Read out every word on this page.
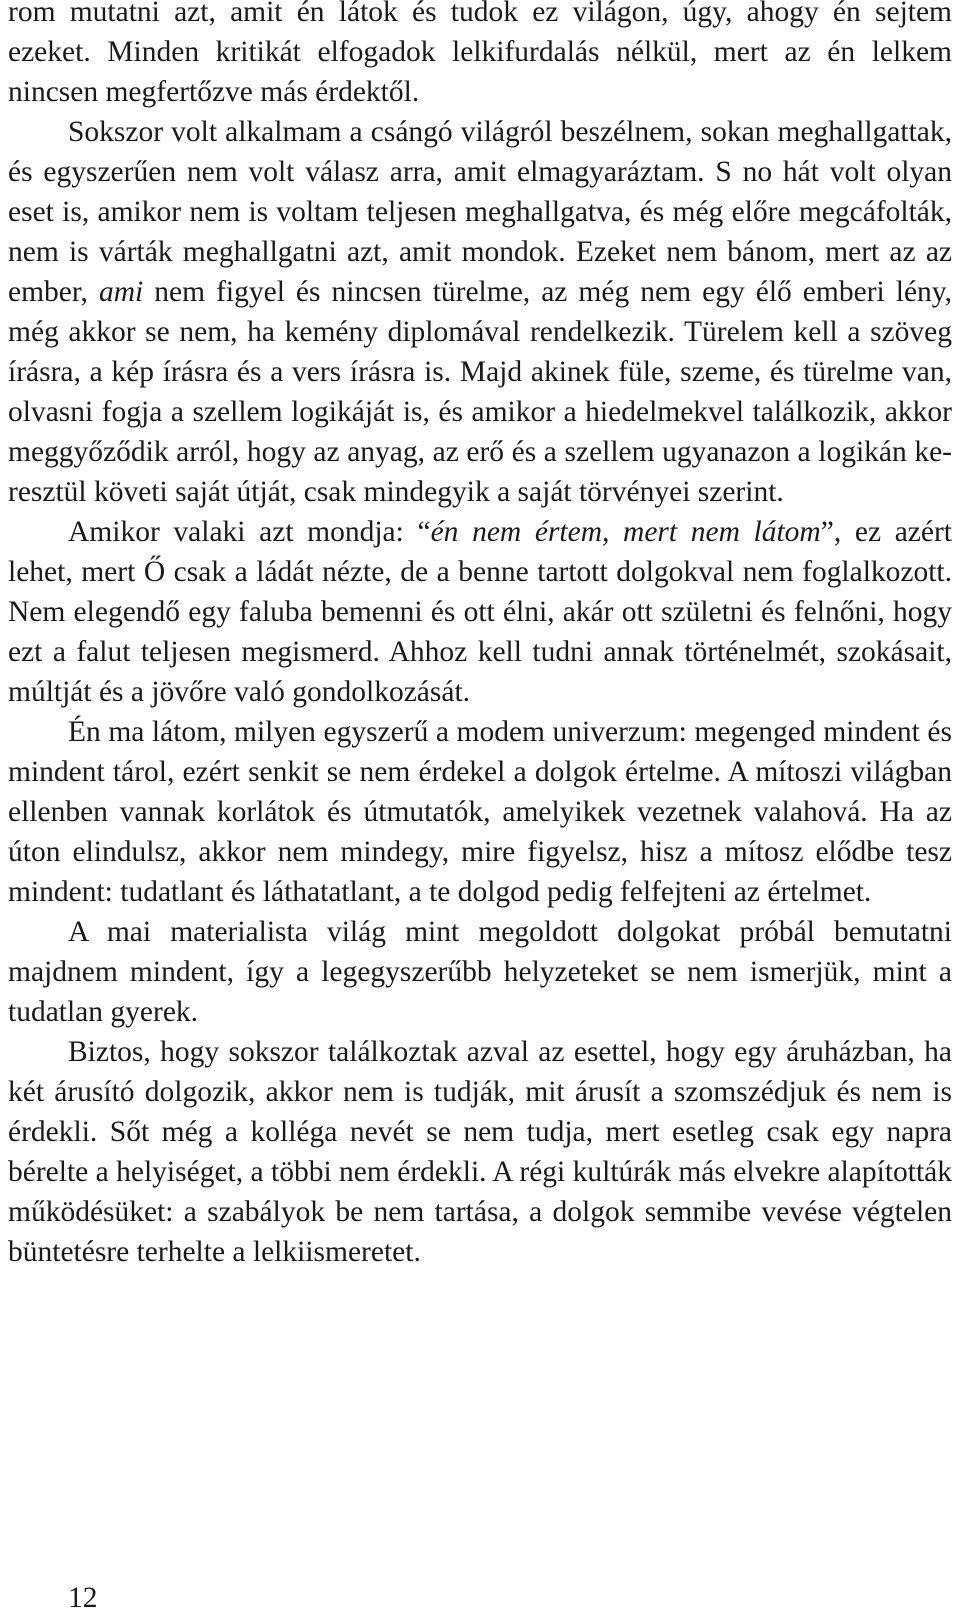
rom mutatni azt, amit én látok és tudok ez világon, úgy, ahogy én sejtem ezeket. Minden kritikát elfogadok lelkifurdalás nélkül, mert az én lelkem nincsen megfertőzve más érdektől.

Sokszor volt alkalmam a csángó világról beszélnem, sokan meghallgattak, és egyszerűen nem volt válasz arra, amit elmagyaráztam. S no hát volt olyan eset is, amikor nem is voltam teljesen meghallgatva, és még előre megcáfolták, nem is várták meghallgatni azt, amit mondok. Ezeket nem bánom, mert az az ember, ami nem figyel és nincsen türelme, az még nem egy élő emberi lény, még akkor se nem, ha kemény diplomával rendelkezik. Türelem kell a szöveg írásra, a kép írásra és a vers írásra is. Majd akinek füle, szeme, és türelme van, olvasni fogja a szellem logikáját is, és amikor a hiedelmekvel találkozik, akkor meggyőződik arról, hogy az anyag, az erő és a szellem ugyanazon a logikán keresztül követi saját útját, csak mindegyik a saját törvényei szerint.

Amikor valaki azt mondja: “én nem értem, mert nem látom”, ez azért lehet, mert Ő csak a ládát nézte, de a benne tartott dolgokval nem foglalkozott. Nem elegendő egy faluba bemenni és ott élni, akár ott születni és felnőni, hogy ezt a falut teljesen megismerd. Ahhoz kell tudni annak történelmét, szokásait, múltját és a jövőre való gondolkozását.

Én ma látom, milyen egyszerű a modem univerzum: megenged mindent és mindent tárol, ezért senkit se nem érdekel a dolgok értelme. A mítoszi világban ellenben vannak korlátok és útmutatók, amelyikek vezetnek valahová. Ha az úton elindulsz, akkor nem mindegy, mire figyelsz, hisz a mítosz elődbe tesz mindent: tudatlant és láthatatlant, a te dolgod pedig felfejteni az értelmet.

A mai materialista világ mint megoldott dolgokat próbál bemutatni majdnem mindent, így a legegyszerűbb helyzeteket se nem ismerjük, mint a tudatlan gyerek.

Biztos, hogy sokszor találkoztak azval az esettel, hogy egy áruházban, ha két árusító dolgozik, akkor nem is tudják, mit árusít a szomszédjuk és nem is érdekli. Sőt még a kolléga nevét se nem tudja, mert esetleg csak egy napra bérelte a helyiséget, a többi nem érdekli. A régi kultúrák más elvekre alapították működésüket: a szabályok be nem tartása, a dolgok semmibe vevése végtelen büntetésre terhelte a lelkiismeretet.

12
